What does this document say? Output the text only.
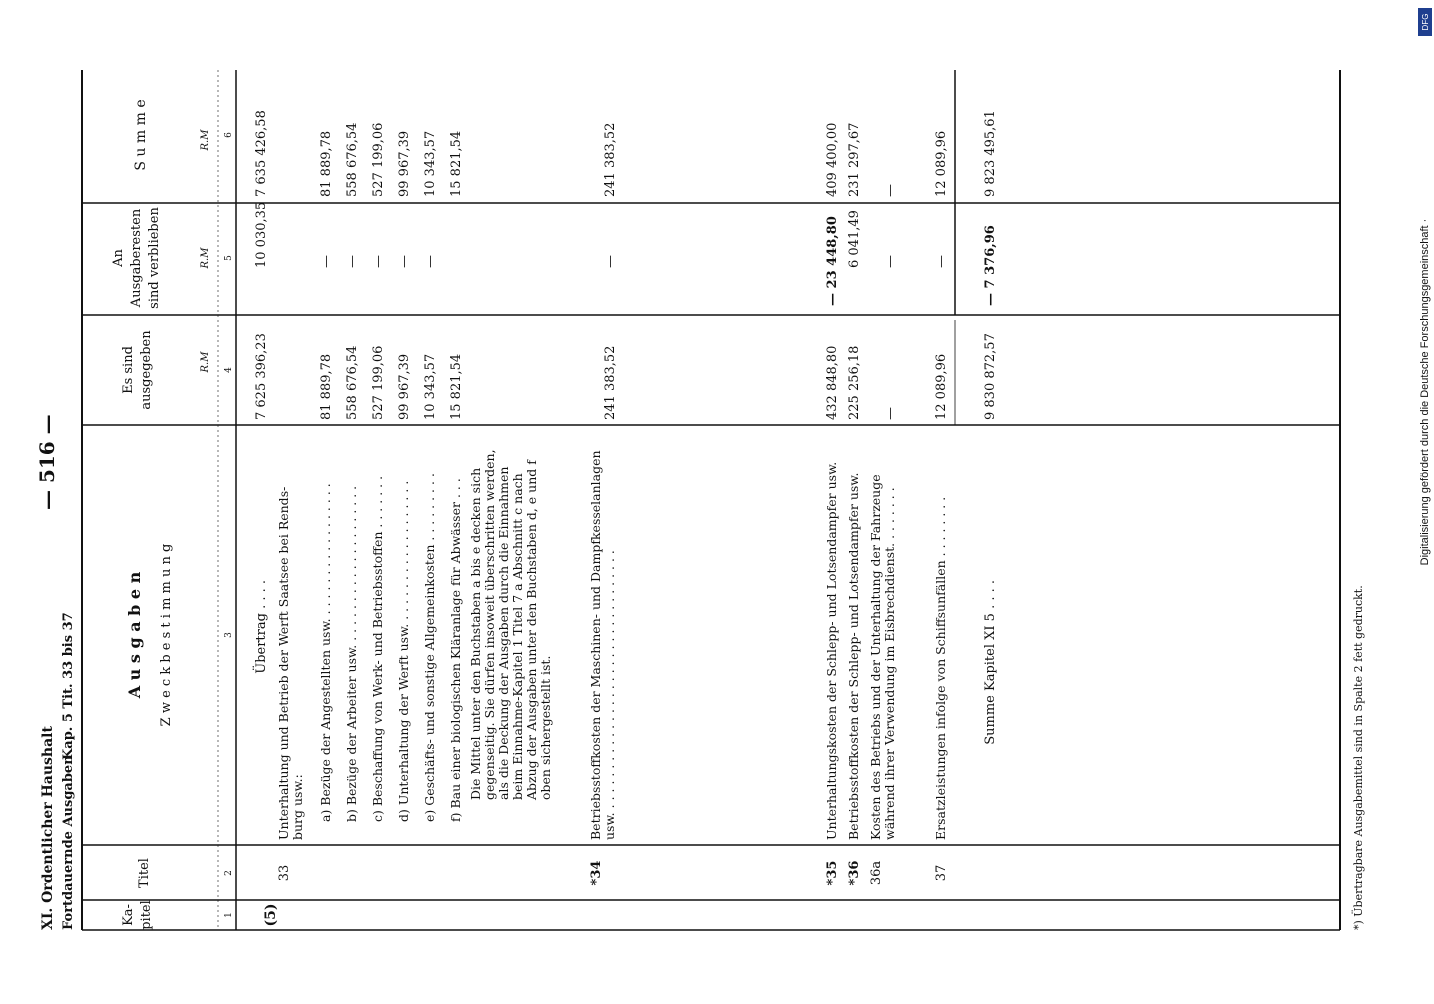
Digitalisierung gefördert durch die Deutsche Forschungsgemeinschaft ·
DFG
XI. Ordentlicher Haushalt Fortdauernde Ausgaben
Kap. 5 Tit. 33 bis 37
— 516 —
Ka- pitel
Titel
A u s g a b e n Z w e c k b e s t i m m u n g
Es sind ausgegeben
An Ausgaberesten sind verblieben
S u m m e
R.M
R.M
R.M
1
2
3
4
5
6
(5)
Übertrag . . . .
7 625 396,23
10 030,35
7 635 426,58
33
Unterhaltung und Betrieb der Werft Saatsee bei Rends- burg usw.: a) Bezüge der Angestellten usw. . . . . . . . . . . . . . . . . .
81 889,78
—
81 889,78
b) Bezüge der Arbeiter usw. . . . . . . . . . . . . . . . . . . . .
558 676,54
—
558 676,54
c) Beschaffung von Werk- und Betriebsstoffen . . . . . . .
527 199,06
—
527 199,06
d) Unterhaltung der Werft usw. . . . . . . . . . . . . . . . . . .
99 967,39
—
99 967,39
e) Geschäfts- und sonstige Allgemeinkosten . . . . . . . . .
10 343,57
—
10 343,57
f) Bau einer biologischen Kläranlage für Abwässer . . .
15 821,54
15 821,54
Die Mittel unter den Buchstaben a bis e decken sich gegenseitig. Sie dürfen insoweit überschritten werden, als die Deckung der Ausgaben durch die Einnahmen beim Einnahme-Kapitel 1 Titel 7 a Abschnitt c nach Abzug der Ausgaben unter den Buchstaben d, e und f oben sichergestellt ist.
*34
Betriebsstoffkosten der Maschinen- und Dampfkesselanlagen usw. . . . . . . . . . . . . . . . . . . . . . . . . . . . . . . . . .
241 383,52
—
241 383,52
*35
Unterhaltungskosten der Schlepp- und Lotsendampfer usw.
432 848,80
— 23 448,80
409 400,00
*36
Betriebsstoffkosten der Schlepp- und Lotsendampfer usw.
225 256,18
6 041,49
231 297,67
36a
Kosten des Betriebs und der Unterhaltung der Fahrzeuge während ihrer Verwendung im Eisbrechdienst. . . . . . . .
—
—
—
37
Ersatzleistungen infolge von Schiffsunfällen . . . . . . . .
12 089,96
—
12 089,96
Summe Kapitel XI 5 . . . .
9 830 872,57
— 7 376,96
9 823 495,61
*) Übertragbare Ausgabemittel sind in Spalte 2 fett gedruckt.
